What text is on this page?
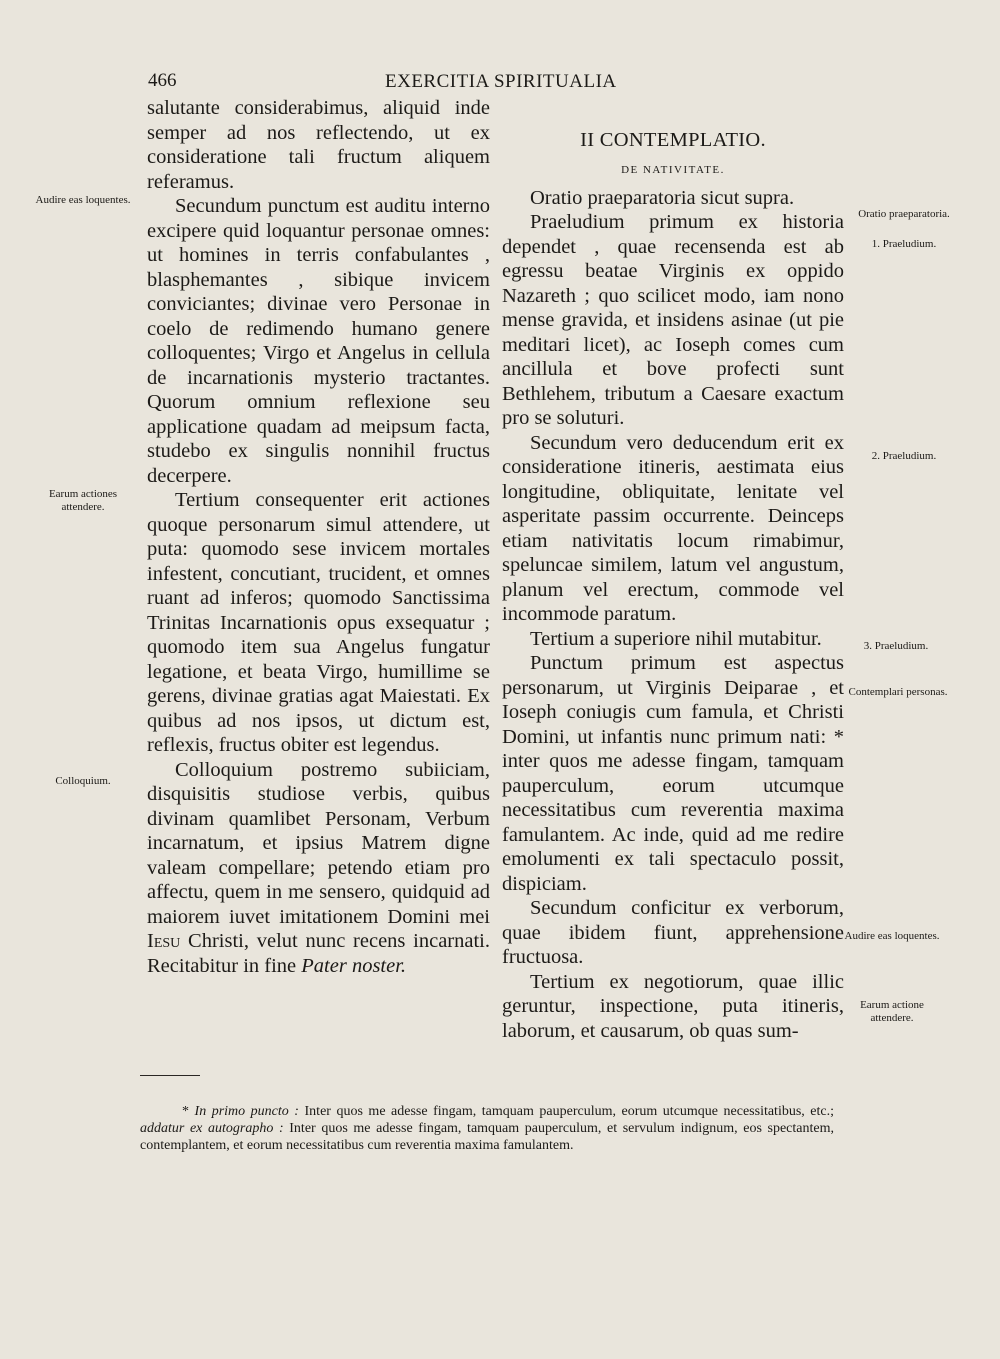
466	EXERCITIA SPIRITUALIA
Audire eas loquentes.
Earum actiones attendere.
Colloquium.
Oratio praeparatoria.
1. Praeludium.
2. Praeludium.
3. Praeludium.
Contemplari personas.
Audire eas loquentes.
Earum actione attendere.

salutante considerabimus, aliquid inde semper ad nos reflectendo, ut ex consideratione tali fructum aliquem referamus.

Secundum punctum est auditu interno excipere quid loquantur personae omnes: ut homines in terris confabulantes , blasphemantes , sibique invicem conviciantes; divinae vero Personae in coelo de redimendo humano genere colloquentes; Virgo et Angelus in cellula de incarnationis mysterio tractantes. Quorum omnium reflexione seu applicatione quadam ad meipsum facta, studebo ex singulis nonnihil fructus decerpere.

Tertium consequenter erit actiones quoque personarum simul attendere, ut puta: quomodo sese invicem mortales infestent, concutiant, trucident, et omnes ruant ad inferos; quomodo Sanctissima Trinitas Incarnationis opus exsequatur ; quomodo item sua Angelus fungatur legatione, et beata Virgo, humillime se gerens, divinae gratias agat Maiestati. Ex quibus ad nos ipsos, ut dictum est, reflexis, fructus obiter est legendus.

Colloquium postremo subiiciam, disquisitis studiose verbis, quibus divinam quamlibet Personam, Verbum incarnatum, et ipsius Matrem digne valeam compellare; petendo etiam pro affectu, quem in me sensero, quidquid ad maiorem iuvet imitationem Domini mei Iesu Christi, velut nunc recens incarnati. Recitabitur in fine Pater noster.

II CONTEMPLATIO.
DE NATIVITATE.

Oratio praeparatoria sicut supra.

Praeludium primum ex historia dependet , quae recensenda est ab egressu beatae Virginis ex oppido Nazareth ; quo scilicet modo, iam nono mense gravida, et insidens asinae (ut pie meditari licet), ac Ioseph comes cum ancillula et bove profecti sunt Bethlehem, tributum a Caesare exactum pro se soluturi.

Secundum vero deducendum erit ex consideratione itineris, aestimata eius longitudine, obliquitate, lenitate vel asperitate passim occurrente. Deinceps etiam nativitatis locum rimabimur, speluncae similem, latum vel angustum, planum vel erectum, commode vel incommode paratum.

Tertium a superiore nihil mutabitur.

Punctum primum est aspectus personarum, ut Virginis Deiparae , et Ioseph coniugis cum famula, et Christi Domini, ut infantis nunc primum nati: * inter quos me adesse fingam, tamquam pauperculum, eorum utcumque necessitatibus cum reverentia maxima famulantem. Ac inde, quid ad me redire emolumenti ex tali spectaculo possit, dispiciam.

Secundum conficitur ex verborum, quae ibidem fiunt, apprehensione fructuosa.

Tertium ex negotiorum, quae illic geruntur, inspectione, puta itineris, laborum, et causarum, ob quas sum-

* In primo puncto : Inter quos me adesse fingam, tamquam pauperculum, eorum utcumque necessitatibus, etc.; addatur ex autographo : Inter quos me adesse fingam, tamquam pauperculum, et servulum indignum, eos spectantem, contemplantem, et eorum necessitatibus cum reverentia maxima famulantem.
